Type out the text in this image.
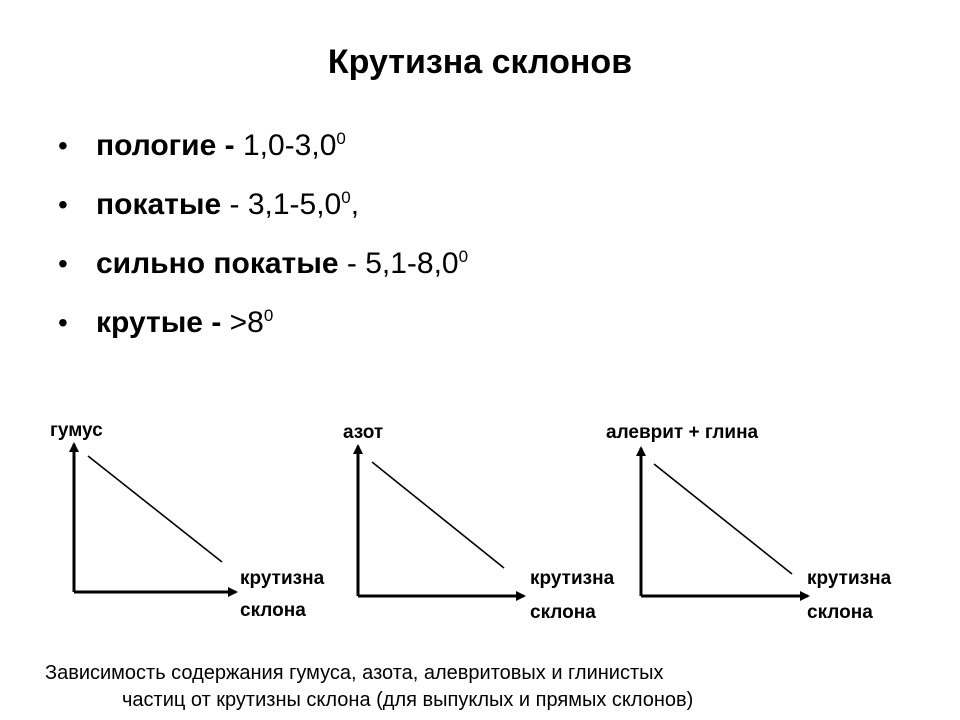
Крутизна склонов
• пологие - $1,0-3,0^0$
• покатые - $3,1-5,0^0$,
• сильно покатые - $5,1-8,0^0$
• крутые - $>8^0$
гумус
крутизна
склона
азот
крутизна
склона
алеврит + глина
крутизна
склона
Зависимость содержания гумуса, азота, алевритовых и глинистых
частиц от крутизны склона (для выпуклых и прямых склонов)
